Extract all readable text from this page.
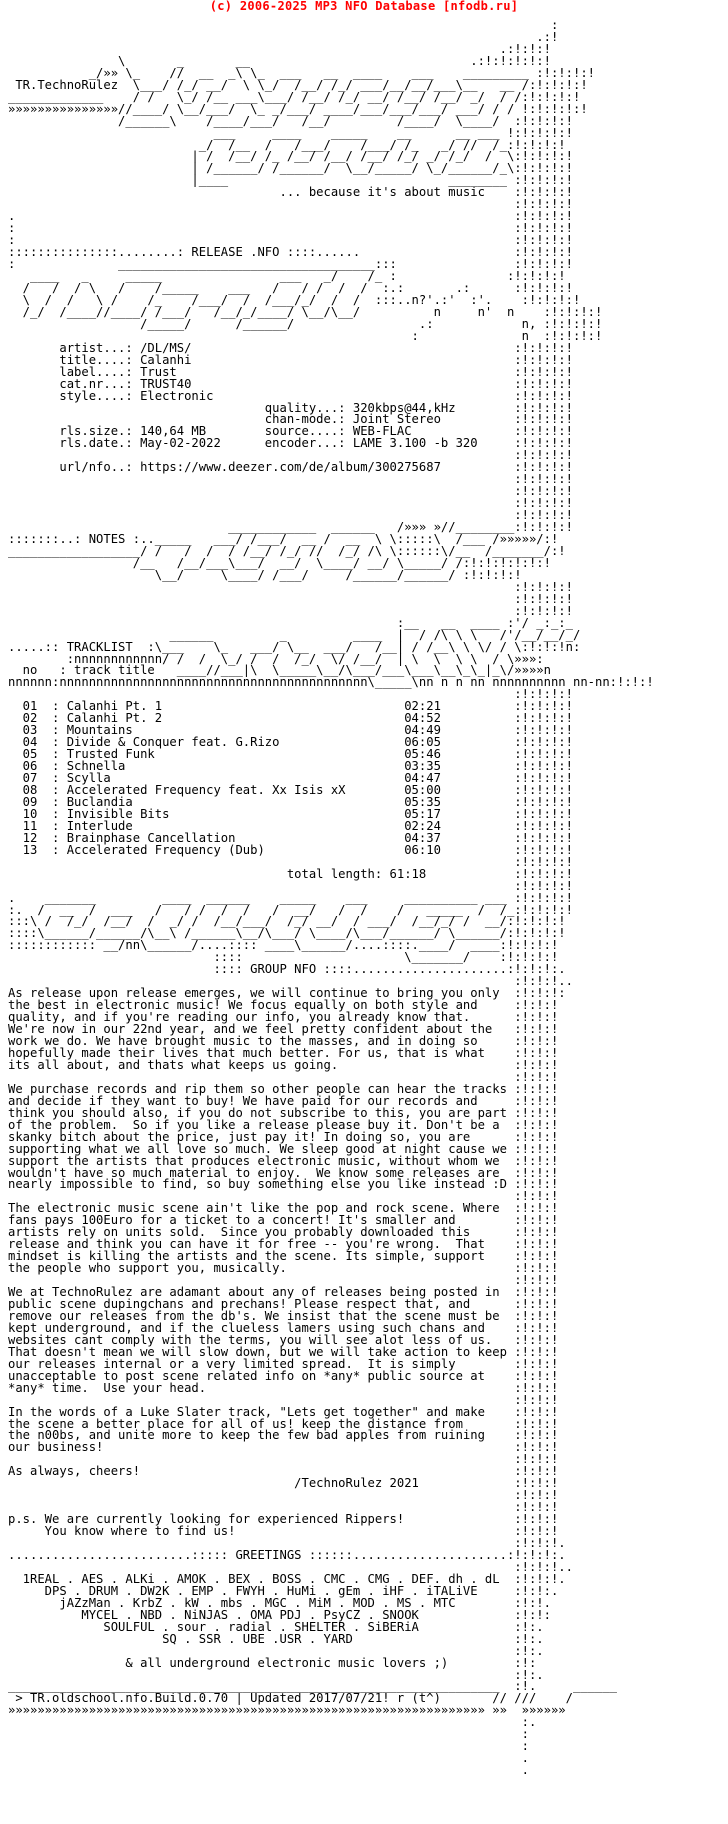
(c) 2006-2025 MP3 NFO Database [nfodb.ru]
:
.:!
.:!:!:!
\       _       __                              .:!:!:!:!:!
_/»» \_    //  __  _\ \_  ___   __  ____    ___    _________ :!:!:!:!
TR.TechnoRulez  \___/ /_/ __/  \ \_/  /__/ /_/ ___/__/__/___\__   __ /:!:!:!:!
_____________    / /   \_/ /__ ___\___/ /__/ /_/ __/ /__/ /__/ _/  / /:!:!:!:!
»»»»»»»»»»»»»»»//____/ \__/___/  \_ _/___/ ____/___/___/___/ ___/ / / !:!:!:!:!
/______\    /____/___/   /__/         /____/  \____/  :!:!:!:!
___     ____    _____    __      __ ___ !:!:!:!:!
_/  /__  /   /___/    /___/ /_   _/ //  /_:!:!:!:!
| /  /__/ /_ /__/ /__/ /__/ /_/ _/ /_/  /  \:!:!:!:!
| /______/ /______/  \__/_____/ \_/______/_\:!:!:!:!
|____                              ________ :!:!:!:!
... because it's about music    :!:!:!:!
:!:!:!:!
.                                                                    :!:!:!:!
:                                                                    :!:!:!:!
:                                                                    :!:!:!:!
:::::::::::::::........: RELEASE .NFO ::::......                     :!:!:!:!
:              ___________________________________:::                :!:!:!:!
____   _     _____                ___   _/    /_ :               :!:!:!:!
/   /  / \   /    /_____    ___   /   / /  /  /  :.:       .:      :!:!:!:!
\  /  /   \ /    /_    /___/  /  /___/_/  /  /  :::..n?'.:'  :'.    :!:!:!:!
/_/  /____//____/ /___/   /__/_/____/ \__/\__/          n     n'  n    :!:!:!:!
/_____/      /______/                 .:            n, :!:!:!:!
:              n  :!:!:!:!
artist...: /DL/MS/                                            :!:!:!:!
title....: Calanhi                                            :!:!:!:!
label....: Trust                                              :!:!:!:!
cat.nr...: TRUST40                                            :!:!:!:!
style....: Electronic                                         :!:!:!:!
quality...: 320kbps@44,kHz        :!:!:!:!
chan-mode.: Joint Stereo          :!:!:!:!
rls.size.: 140,64 MB        source....: WEB-FLAC              :!:!:!:!
rls.date.: May-02-2022      encoder...: LAME 3.100 -b 320     :!:!:!:!
:!:!:!:!
url/nfo..: https://www.deezer.com/de/album/300275687          :!:!:!:!
:!:!:!:!
:!:!:!:!
:!:!:!:!
:!:!:!:!
____________  ______   /»»» »//________:!:!:!:!
:::::::..: NOTES :.._____   ___/ /___/  __ /  __  \ \:::::\  /___ /»»»»»/:!
__________________/ /   /  /  / /__/ /_/ //  /_/ /\ \::::::\/__  /_______/:!
/__   /__/___\___/  __/  \____/ __/ \_____/ /:!:!:!:!:!:!
\__/     \____/ /___/     /______/______/ :!:!:!:!
:!:!:!:!
:!:!:!:!
:!:!:!:!
:__   __  ____ :'/ _:_:_
______         _         ____  |  / /\ \ \   /'/__/__/_/
.....:: TRACKLIST  :\___    \_   ___/ \__  ___/   /__| / /__\ \ \/ / \:!:!:!n:
:nnnnnnnnnnnn/ /  /  \_/ /  /  /_/  \/ /__/  | \  \  \ \  / \»»»:
no   : track title   ____//___|\  \_____\__/\___/___\___\__\_\_|_\/»»»»n
nnnnnn:nnnnnnnnnnnnnnnnnnnnnnnnnnnnnnnnnnnnnnnnnn\_____\nn n n nn nnnnnnnnnn nn-nn:!:!:!
:!:!:!:!
01  : Calanhi Pt. 1                                 02:21          :!:!:!:!
02  : Calanhi Pt. 2                                 04:52          :!:!:!:!
03  : Mountains                                     04:49          :!:!:!:!
04  : Divide & Conquer feat. G.Rizo                 06:05          :!:!:!:!
05  : Trusted Funk                                  05:46          :!:!:!:!
06  : Schnella                                      03:35          :!:!:!:!
07  : Scylla                                        04:47          :!:!:!:!
08  : Accelerated Frequency feat. Xx Isis xX        05:00          :!:!:!:!
09  : Buclandia                                     05:35          :!:!:!:!
10  : Invisible Bits                                05:17          :!:!:!:!
11  : Interlude                                     02:24          :!:!:!:!
12  : Brainphase Cancellation                       04:37          :!:!:!:!
13  : Accelerated Frequency (Dub)                   06:10          :!:!:!:!
:!:!:!:!
total length: 61:18            :!:!:!:!
:!:!:!:!
.    _______         ____  ______    _____    ___     __________ ___ :!:!:!:!
:.  /  __  /  ___   /   / /  /  /   /  __/   /  /    /   _____  /  /_:!:!:!:!
:::\ /  /_/  /__/  /  _/ /  /__/___/  /_/ __/  / ___/  /__/_/ /  __/:!:!:!:!
::::\______/______/\__\ /______\__/\___/ \____/\___/______/ \______/:!:!:!:!
:::::::::::: __/nn\______/....:::: ____\______/....::::.____/  ____:!:!:!:!
::::                      \_______/    :!:!:!:!
:::: GROUP NFO ::::.....................:!:!:!:.
:!:!:!..
As release upon release emerges, we will continue to bring you only  :!:!:!:
the best in electronic music! We focus equally on both style and     :!:!:!
quality, and if you're reading our info, you already know that.      :!:!:!
We're now in our 22nd year, and we feel pretty confident about the   :!:!:!
work we do. We have brought music to the masses, and in doing so     :!:!:!
hopefully made their lives that much better. For us, that is what    :!:!:!
its all about, and thats what keeps us going.                        :!:!:!
:!:!:!
We purchase records and rip them so other people can hear the tracks :!:!:!
and decide if they want to buy! We have paid for our records and     :!:!:!
think you should also, if you do not subscribe to this, you are part :!:!:!
of the problem.  So if you like a release please buy it. Don't be a  :!:!:!
skanky bitch about the price, just pay it! In doing so, you are      :!:!:!
supporting what we all love so much. We sleep good at night cause we :!:!:!
support the artists that produces electronic music, without whom we  :!:!:!
wouldn't have so much material to enjoy.  We know some releases are  :!:!:!
nearly impossible to find, so buy something else you like instead :D :!:!:!
:!:!:!
The electronic music scene ain't like the pop and rock scene. Where  :!:!:!
fans pays 100Euro for a ticket to a concert! It's smaller and        :!:!:!
artists rely on units sold.  Since you probably downloaded this      :!:!:!
release and think you can have it for free -- you're wrong.  That    :!:!:!
mindset is killing the artists and the scene. Its simple, support    :!:!:!
the people who support you, musically.                               :!:!:!
:!:!:!
We at TechnoRulez are adamant about any of releases being posted in  :!:!:!
public scene dupingchans and prechans! Please respect that, and      :!:!:!
remove our releases from the db's. We insist that the scene must be  :!:!:!
kept underground, and if the clueless lamers using such chans and    :!:!:!
websites cant comply with the terms, you will see alot less of us.   :!:!:!
That doesn't mean we will slow down, but we will take action to keep :!:!:!
our releases internal or a very limited spread.  It is simply        :!:!:!
unacceptable to post scene related info on *any* public source at    :!:!:!
*any* time.  Use your head.                                          :!:!:!
:!:!:!
In the words of a Luke Slater track, "Lets get together" and make    :!:!:!
the scene a better place for all of us! keep the distance from       :!:!:!
the n00bs, and unite more to keep the few bad apples from ruining    :!:!:!
our business!                                                        :!:!:!
:!:!:!
As always, cheers!                                                   :!:!:!
/TechnoRulez 2021             :!:!:!
:!:!:!
:!:!:!
p.s. We are currently looking for experienced Rippers!               :!:!:!
You know where to find us!                                      :!:!:!
:!:!:!.
.........................::::: GREETINGS ::::::.....................:!:!:!:.
:!:!:!..
1REAL . AES . ALKi . AMOK . BEX . BOSS . CMC . CMG . DEF. dh . dL  :!:!:!.
DPS . DRUM . DW2K . EMP . FWYH . HuMi . gEm . iHF . iTALiVE     :!:!:.
jAZzMan . KrbZ . kW . mbs . MGC . MiM . MOD . MS . MTC        :!:!.
MYCEL . NBD . NiNJAS . OMA PDJ . PsyCZ . SNOOK             :!:!:
SOULFUL . sour . radial . SHELTER . SiBERiA             :!:.
SQ . SSR . UBE .USR . YARD                      :!:.
:!:.
& all underground electronic music lovers ;)         :!:
:!:.
___________________________________________________________________  :!.     ______
> TR.oldschool.nfo.Build.0.70 | Updated 2017/07/21! r (t^)       // ///    /
»»»»»»»»»»»»»»»»»»»»»»»»»»»»»»»»»»»»»»»»»»»»»»»»»»»»»»»»»»»»»»»»» »»  »»»»»»
:.
:
:
.
.
